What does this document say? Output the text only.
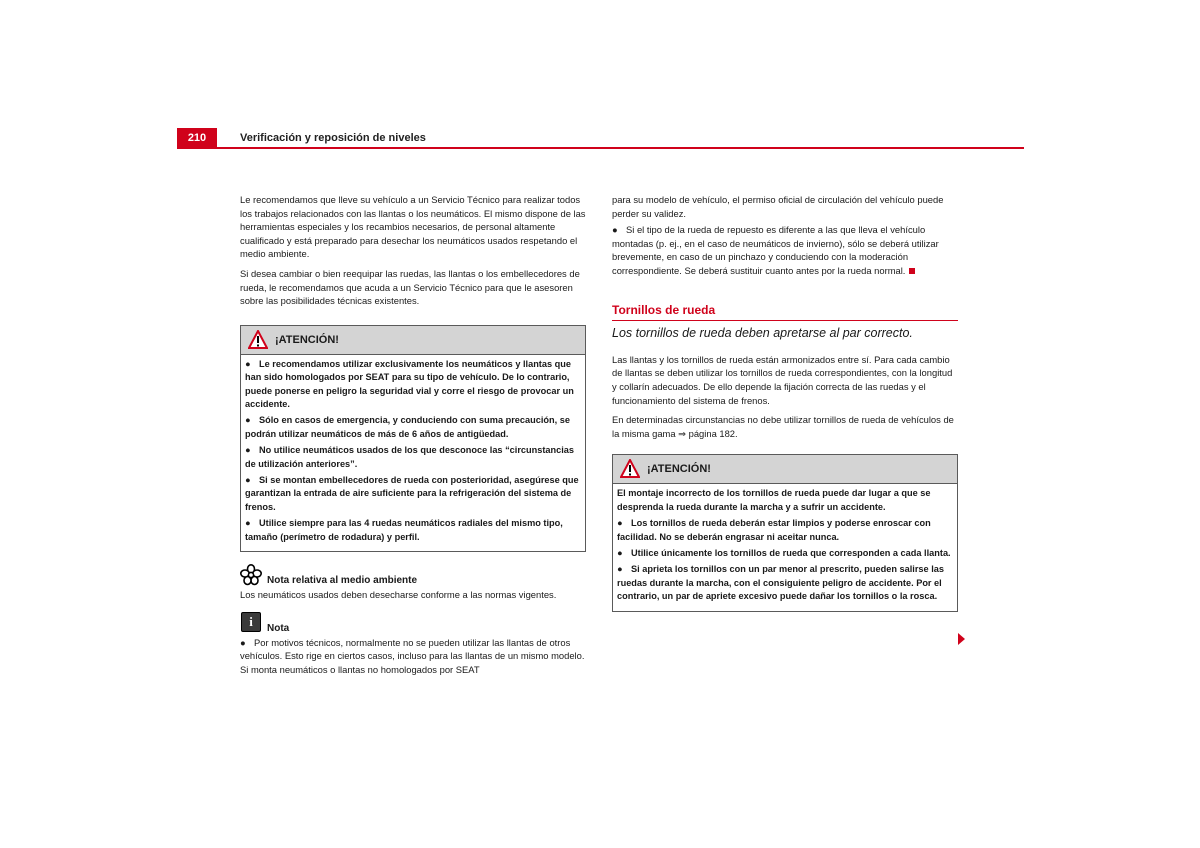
210	Verificación y reposición de niveles

Le recomendamos que lleve su vehículo a un Servicio Técnico para realizar todos los trabajos relacionados con las llantas o los neumáticos. El mismo dispone de las herramientas especiales y los recambios necesarios, de personal altamente cualificado y está preparado para desechar los neumáticos usados respetando el medio ambiente.

Si desea cambiar o bien reequipar las ruedas, las llantas o los embellecedores de rueda, le recomendamos que acuda a un Servicio Técnico para que le asesoren sobre las posibilidades técnicas existentes.

¡ATENCIÓN!

● Le recomendamos utilizar exclusivamente los neumáticos y llantas que han sido homologados por SEAT para su tipo de vehículo. De lo contrario, puede ponerse en peligro la seguridad vial y corre el riesgo de provocar un accidente.

● Sólo en casos de emergencia, y conduciendo con suma precaución, se podrán utilizar neumáticos de más de 6 años de antigüedad.

● No utilice neumáticos usados de los que desconoce las “circunstancias de utilización anteriores”.

● Si se montan embellecedores de rueda con posterioridad, asegúrese que garantizan la entrada de aire suficiente para la refrigeración del sistema de frenos.

● Utilice siempre para las 4 ruedas neumáticos radiales del mismo tipo, tamaño (perímetro de rodadura) y perfil.

Nota relativa al medio ambiente

Los neumáticos usados deben desecharse conforme a las normas vigentes.

i Nota

● Por motivos técnicos, normalmente no se pueden utilizar las llantas de otros vehículos. Esto rige en ciertos casos, incluso para las llantas de un mismo modelo. Si monta neumáticos o llantas no homologados por SEAT

para su modelo de vehículo, el permiso oficial de circulación del vehículo puede perder su validez.

● Si el tipo de la rueda de repuesto es diferente a las que lleva el vehículo montadas (p. ej., en el caso de neumáticos de invierno), sólo se deberá utilizar brevemente, en caso de un pinchazo y conduciendo con la moderación correspondiente. Se deberá sustituir cuanto antes por la rueda normal.

Tornillos de rueda
Los tornillos de rueda deben apretarse al par correcto.

Las llantas y los tornillos de rueda están armonizados entre sí. Para cada cambio de llantas se deben utilizar los tornillos de rueda correspondientes, con la longitud y collarín adecuados. De ello depende la fijación correcta de las ruedas y el funcionamiento del sistema de frenos.

En determinadas circunstancias no debe utilizar tornillos de rueda de vehículos de la misma gama ⇒ página 182.

¡ATENCIÓN!

El montaje incorrecto de los tornillos de rueda puede dar lugar a que se desprenda la rueda durante la marcha y a sufrir un accidente.

● Los tornillos de rueda deberán estar limpios y poderse enroscar con facilidad. No se deberán engrasar ni aceitar nunca.

● Utilice únicamente los tornillos de rueda que corresponden a cada llanta.

● Si aprieta los tornillos con un par menor al prescrito, pueden salirse las ruedas durante la marcha, con el consiguiente peligro de accidente. Por el contrario, un par de apriete excesivo puede dañar los tornillos o la rosca.
